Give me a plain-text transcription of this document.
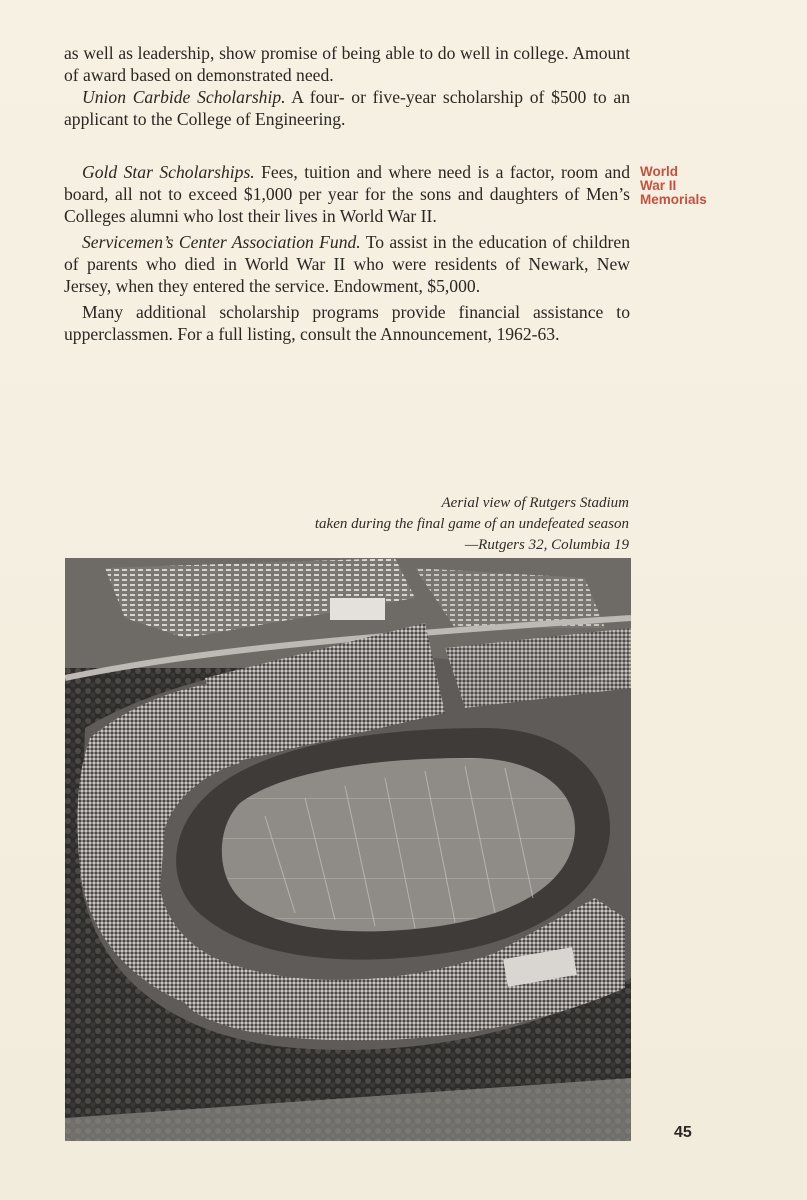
as well as leadership, show promise of being able to do well in college. Amount of award based on demonstrated need.

Union Carbide Scholarship. A four- or five-year scholarship of $500 to an applicant to the College of Engineering.

Gold Star Scholarships. Fees, tuition and where need is a factor, room and board, all not to exceed $1,000 per year for the sons and daughters of Men’s Colleges alumni who lost their lives in World War II.

Servicemen’s Center Association Fund. To assist in the education of children of parents who died in World War II who were residents of Newark, New Jersey, when they entered the service. Endowment, $5,000.

Many additional scholarship programs provide financial assistance to upperclassmen. For a full listing, consult the Announcement, 1962-63.

World
War II
Memorials
Aerial view of Rutgers Stadium
taken during the final game of an undefeated season
—Rutgers 32, Columbia 19
45
